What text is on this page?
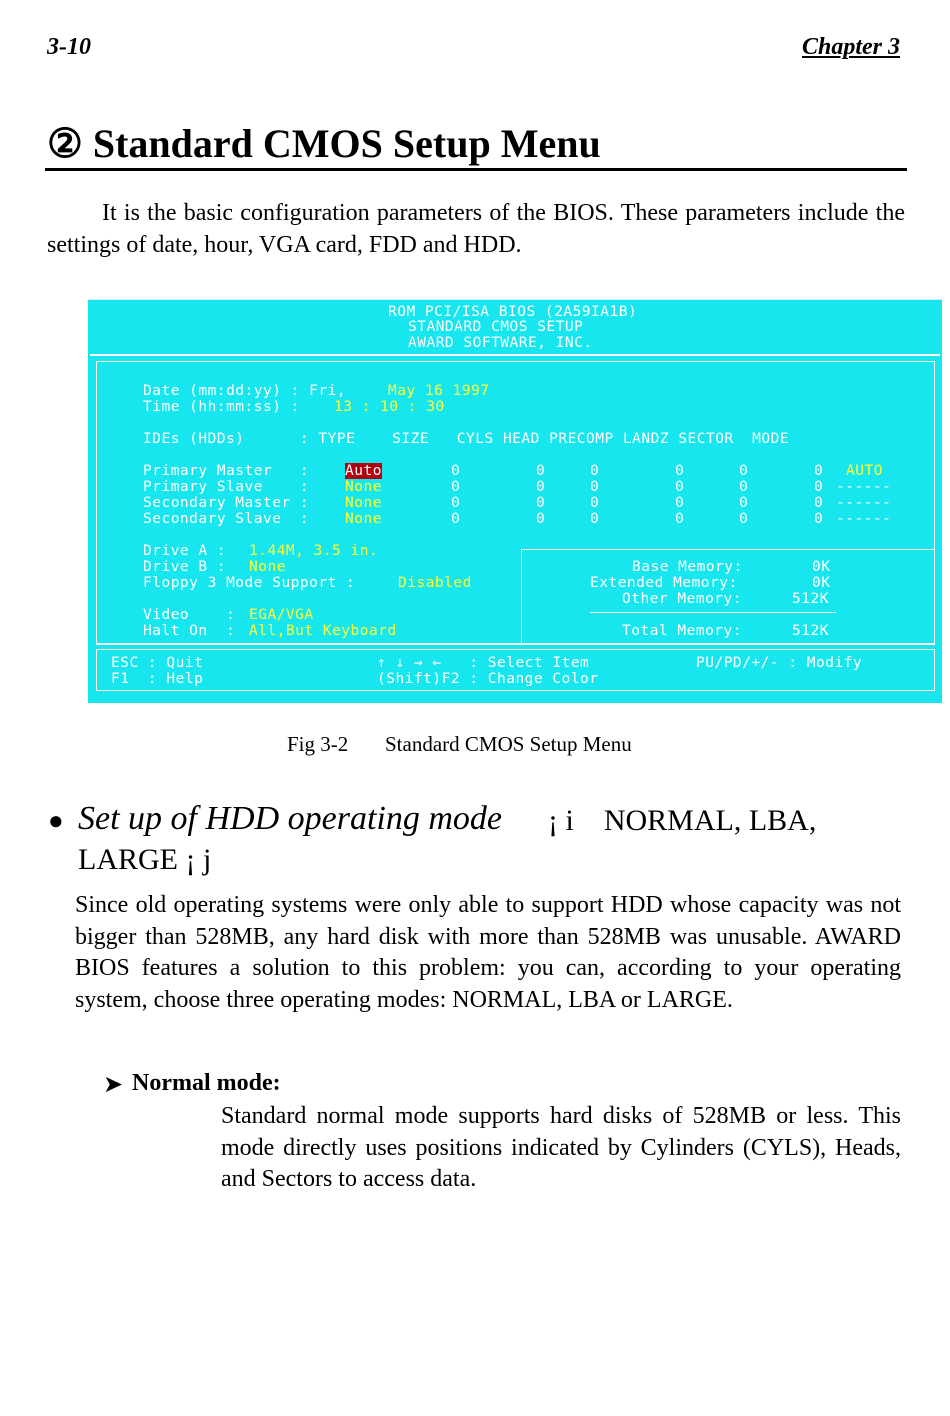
3-10	Chapter 3
② Standard CMOS Setup Menu
It is the basic configuration parameters of the BIOS. These parameters include the settings of date, hour, VGA card, FDD and HDD.
ROM PCI/ISA BIOS (2A59IA1B)
STANDARD CMOS SETUP
AWARD SOFTWARE, INC.
Date (mm:dd:yy) : Fri,	May 16 1997
Time (hh:mm:ss) : 13 : 10 : 30
IDEs (HDDs)      : TYPE    SIZE   CYLS HEAD PRECOMP LANDZ SECTOR  MODE
Primary Master   : Auto	0	0	0	0	0	0 AUTO
Primary Slave    : None	0	0	0	0	0	0 ------
Secondary Master : None	0	0	0	0	0	0 ------
Secondary Slave  : None	0	0	0	0	0	0 ------
Drive A : 1.44M, 3.5 in.
Drive B : None
Floppy 3 Mode Support :	Disabled
Video    : EGA/VGA
Halt On  : All,But Keyboard
Base Memory:	0K
Extended Memory:	0K
Other Memory:	512K
Total Memory:	512K
ESC : Quit
F1  : Help
↑ ↓ → ←   : Select Item
(Shift)F2 : Change Color
PU/PD/+/- : Modify
Fig 3-2       Standard CMOS Setup Menu
● Set up of HDD operating mode ¡ i    NORMAL, LBA,
LARGE ¡ j
Since old operating systems were only able to support HDD whose capacity was not bigger than 528MB, any hard disk with more than 528MB was unusable. AWARD BIOS features a solution to this problem: you can, according to your operating system, choose three operating modes: NORMAL, LBA or LARGE.
➤ Normal mode:
Standard normal mode supports hard disks of 528MB or less. This mode directly uses positions indicated by Cylinders (CYLS), Heads, and Sectors to access data.
